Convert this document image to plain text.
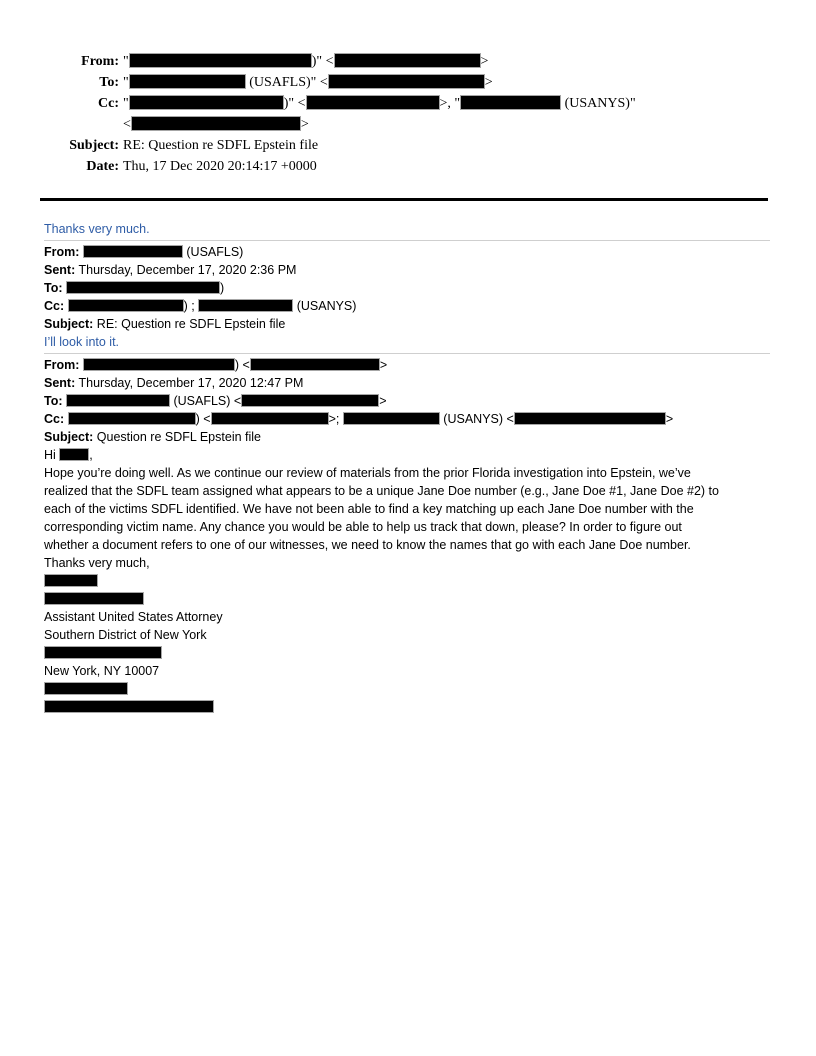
From: "	)" <	>
To: "	(USAFLS)" <	>
Cc: "	)" <	>, "	(USANYS)"
<	>
Subject: RE: Question re SDFL Epstein file
Date: Thu, 17 Dec 2020 20:14:17 +0000
Thanks very much.
From:	(USAFLS)
Sent: Thursday, December 17, 2020 2:36 PM
To:	)
Cc:	) ;	(USANYS)
Subject: RE: Question re SDFL Epstein file
I’ll look into it.
From:	) <	>
Sent: Thursday, December 17, 2020 12:47 PM
To:	(USAFLS) <	>
Cc:	) <	>;	(USANYS) <	>
Subject: Question re SDFL Epstein file
Hi ,
Hope you’re doing well. As we continue our review of materials from the prior Florida investigation into Epstein, we’ve
realized that the SDFL team assigned what appears to be a unique Jane Doe number (e.g., Jane Doe #1, Jane Doe #2) to
each of the victims SDFL identified. We have not been able to find a key matching up each Jane Doe number with the
corresponding victim name. Any chance you would be able to help us track that down, please? In order to figure out
whether a document refers to one of our witnesses, we need to know the names that go with each Jane Doe number.
Thanks very much,
Assistant United States Attorney
Southern District of New York
New York, NY 10007
